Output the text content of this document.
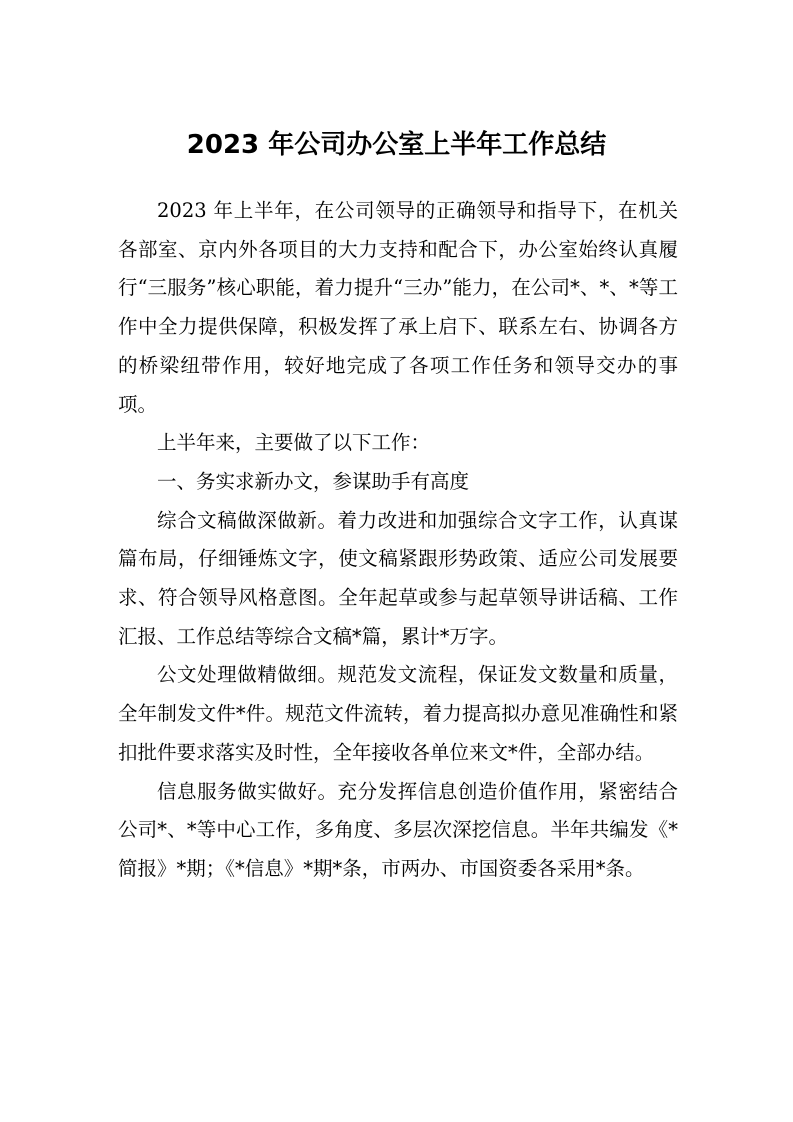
2023 年公司办公室上半年工作总结

2023 年上半年，在公司领导的正确领导和指导下，在机关各部室、京内外各项目的大力支持和配合下，办公室始终认真履行“三服务”核心职能，着力提升“三办”能力，在公司*、*、*等工作中全力提供保障，积极发挥了承上启下、联系左右、协调各方的桥梁纽带作用，较好地完成了各项工作任务和领导交办的事项。

上半年来，主要做了以下工作：

一、务实求新办文，参谋助手有高度

综合文稿做深做新。着力改进和加强综合文字工作，认真谋篇布局，仔细锤炼文字，使文稿紧跟形势政策、适应公司发展要求、符合领导风格意图。全年起草或参与起草领导讲话稿、工作汇报、工作总结等综合文稿*篇，累计*万字。

公文处理做精做细。规范发文流程，保证发文数量和质量，全年制发文件*件。规范文件流转，着力提高拟办意见准确性和紧扣批件要求落实及时性，全年接收各单位来文*件，全部办结。

信息服务做实做好。充分发挥信息创造价值作用，紧密结合公司*、*等中心工作，多角度、多层次深挖信息。半年共编发《*简报》*期；《*信息》*期*条，市两办、市国资委各采用*条。
